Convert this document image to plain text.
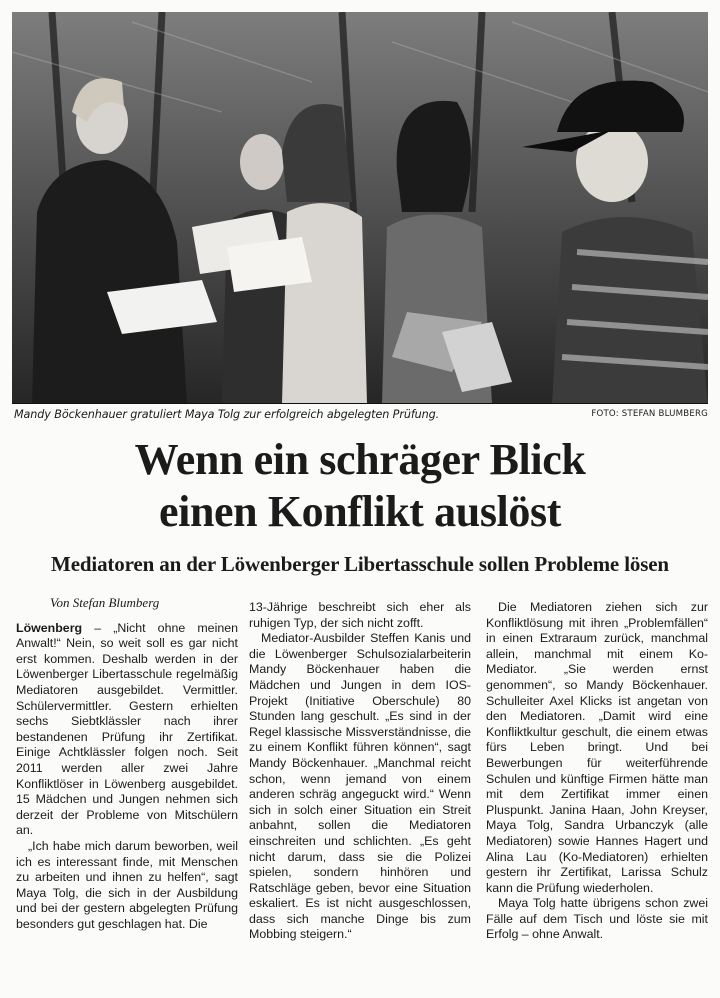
Mandy Böckenhauer gratuliert Maya Tolg zur erfolgreich abgelegten Prüfung.	FOTO: STEFAN BLUMBERG
Wenn ein schräger Blick
einen Konflikt auslöst
Mediatoren an der Löwenberger Libertasschule sollen Probleme lösen
Von Stefan Blumberg

Löwenberg – „Nicht ohne meinen Anwalt!“ Nein, so weit soll es gar nicht erst kommen. Deshalb werden in der Löwenberger Libertasschule regelmäßig Mediatoren ausgebildet. Vermittler. Schülervermittler. Gestern erhielten sechs Siebtklässler nach ihrer bestandenen Prüfung ihr Zertifikat. Einige Achtklässler folgen noch. Seit 2011 werden aller zwei Jahre Konfliktlöser in Löwenberg ausgebildet. 15 Mädchen und Jungen nehmen sich derzeit der Probleme von Mitschülern an.

„Ich habe mich darum beworben, weil ich es interessant finde, mit Menschen zu arbeiten und ihnen zu helfen“, sagt Maya Tolg, die sich in der Ausbildung und bei der gestern abgelegten Prüfung besonders gut geschlagen hat. Die

13-Jährige beschreibt sich eher als ruhigen Typ, der sich nicht zofft.

Mediator-Ausbilder Steffen Kanis und die Löwenberger Schulsozialarbeiterin Mandy Böckenhauer haben die Mädchen und Jungen in dem IOS-Projekt (Initiative Oberschule) 80 Stunden lang geschult. „Es sind in der Regel klassische Missverständnisse, die zu einem Konflikt führen können“, sagt Mandy Böckenhauer. „Manchmal reicht schon, wenn jemand von einem anderen schräg angeguckt wird.“ Wenn sich in solch einer Situation ein Streit anbahnt, sollen die Mediatoren einschreiten und schlichten. „Es geht nicht darum, dass sie die Polizei spielen, sondern hinhören und Ratschläge geben, bevor eine Situation eskaliert. Es ist nicht ausgeschlossen, dass sich manche Dinge bis zum Mobbing steigern.“

Die Mediatoren ziehen sich zur Konfliktlösung mit ihren „Problemfällen“ in einen Extraraum zurück, manchmal allein, manchmal mit einem Ko-Mediator. „Sie werden ernst genommen“, so Mandy Böckenhauer. Schulleiter Axel Klicks ist angetan von den Mediatoren. „Damit wird eine Konfliktkultur geschult, die einem etwas fürs Leben bringt. Und bei Bewerbungen für weiterführende Schulen und künftige Firmen hätte man mit dem Zertifikat immer einen Pluspunkt. Janina Haan, John Kreyser, Maya Tolg, Sandra Urbanczyk (alle Mediatoren) sowie Hannes Hagert und Alina Lau (Ko-Mediatoren) erhielten gestern ihr Zertifikat, Larissa Schulz kann die Prüfung wiederholen.

Maya Tolg hatte übrigens schon zwei Fälle auf dem Tisch und löste sie mit Erfolg – ohne Anwalt.
